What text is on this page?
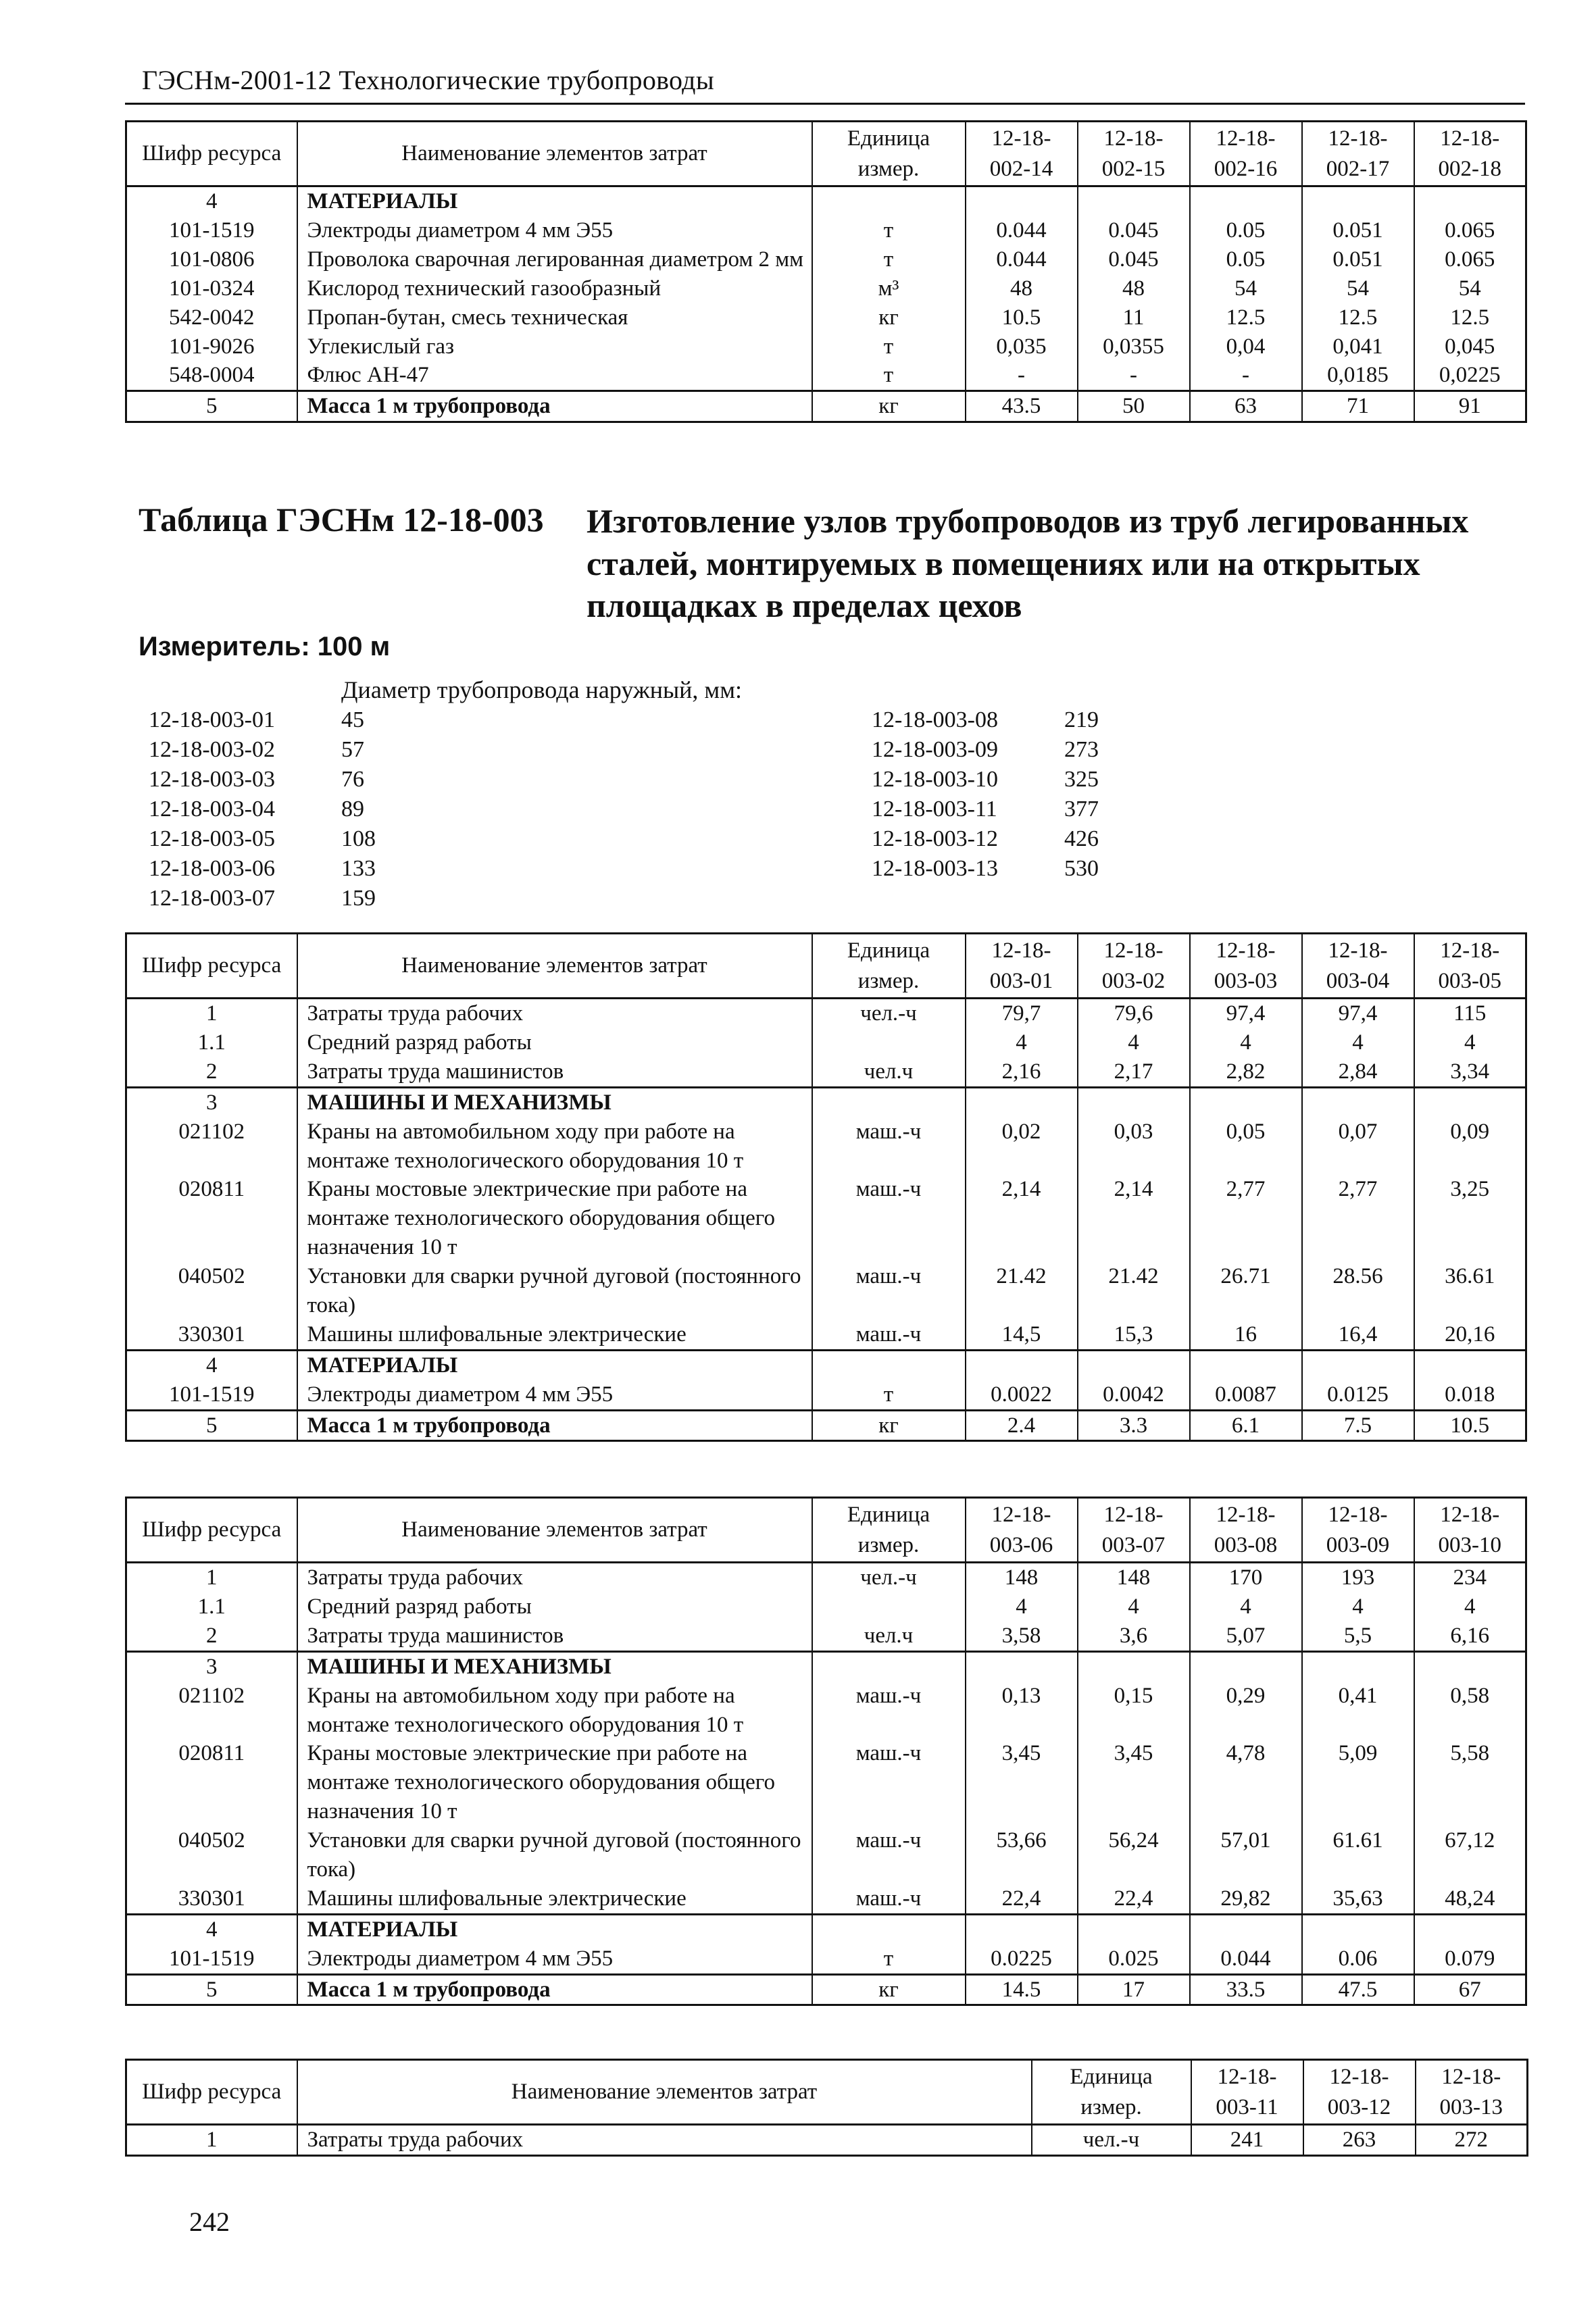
ГЭСНм-2001-12 Технологические трубопроводы
Шифр ресурса	Наименование элементов затрат	Единица измер.	12-18-002-14	12-18-002-15	12-18-002-16	12-18-002-17	12-18-002-18
4	МАТЕРИАЛЫ						
101-1519	Электроды диаметром 4 мм Э55	т	0.044	0.045	0.05	0.051	0.065
101-0806	Проволока сварочная легированная диаметром 2 мм	т	0.044	0.045	0.05	0.051	0.065
101-0324	Кислород технический газообразный	м³	48	48	54	54	54
542-0042	Пропан-бутан, смесь техническая	кг	10.5	11	12.5	12.5	12.5
101-9026	Углекислый газ	т	0,035	0,0355	0,04	0,041	0,045
548-0004	Флюс АН-47	т	-	-	-	0,0185	0,0225
5	Масса 1 м трубопровода	кг	43.5	50	63	71	91
Таблица ГЭСНм 12-18-003 Изготовление узлов трубопроводов из труб легированных сталей, монтируемых в помещениях или на открытых площадках в пределах цехов
Измеритель: 100 м
Диаметр трубопровода наружный, мм:
12-18-003-01	45
12-18-003-02	57
12-18-003-03	76
12-18-003-04	89
12-18-003-05	108
12-18-003-06	133
12-18-003-07	159
12-18-003-08	219
12-18-003-09	273
12-18-003-10	325
12-18-003-11	377
12-18-003-12	426
12-18-003-13	530
Шифр ресурса	Наименование элементов затрат	Единица измер.	12-18-003-01	12-18-003-02	12-18-003-03	12-18-003-04	12-18-003-05
1	Затраты труда рабочих	чел.-ч	79,7	79,6	97,4	97,4	115
1.1	Средний разряд работы		4	4	4	4	4
2	Затраты труда машинистов	чел.ч	2,16	2,17	2,82	2,84	3,34
3	МАШИНЫ И МЕХАНИЗМЫ						
021102	Краны на автомобильном ходу при работе на монтаже технологического оборудования 10 т	маш.-ч	0,02	0,03	0,05	0,07	0,09
020811	Краны мостовые электрические при работе на монтаже технологического оборудования общего назначения 10 т	маш.-ч	2,14	2,14	2,77	2,77	3,25
040502	Установки для сварки ручной дуговой (постоянного тока)	маш.-ч	21.42	21.42	26.71	28.56	36.61
330301	Машины шлифовальные электрические	маш.-ч	14,5	15,3	16	16,4	20,16
4	МАТЕРИАЛЫ						
101-1519	Электроды диаметром 4 мм Э55	т	0.0022	0.0042	0.0087	0.0125	0.018
5	Масса 1 м трубопровода	кг	2.4	3.3	6.1	7.5	10.5
Шифр ресурса	Наименование элементов затрат	Единица измер.	12-18-003-06	12-18-003-07	12-18-003-08	12-18-003-09	12-18-003-10
1	Затраты труда рабочих	чел.-ч	148	148	170	193	234
1.1	Средний разряд работы		4	4	4	4	4
2	Затраты труда машинистов	чел.ч	3,58	3,6	5,07	5,5	6,16
3	МАШИНЫ И МЕХАНИЗМЫ						
021102	Краны на автомобильном ходу при работе на монтаже технологического оборудования 10 т	маш.-ч	0,13	0,15	0,29	0,41	0,58
020811	Краны мостовые электрические при работе на монтаже технологического оборудования общего назначения 10 т	маш.-ч	3,45	3,45	4,78	5,09	5,58
040502	Установки для сварки ручной дуговой (постоянного тока)	маш.-ч	53,66	56,24	57,01	61.61	67,12
330301	Машины шлифовальные электрические	маш.-ч	22,4	22,4	29,82	35,63	48,24
4	МАТЕРИАЛЫ						
101-1519	Электроды диаметром 4 мм Э55	т	0.0225	0.025	0.044	0.06	0.079
5	Масса 1 м трубопровода	кг	14.5	17	33.5	47.5	67
Шифр ресурса	Наименование элементов затрат	Единица измер.	12-18-003-11	12-18-003-12	12-18-003-13
1	Затраты труда рабочих	чел.-ч	241	263	272
242
